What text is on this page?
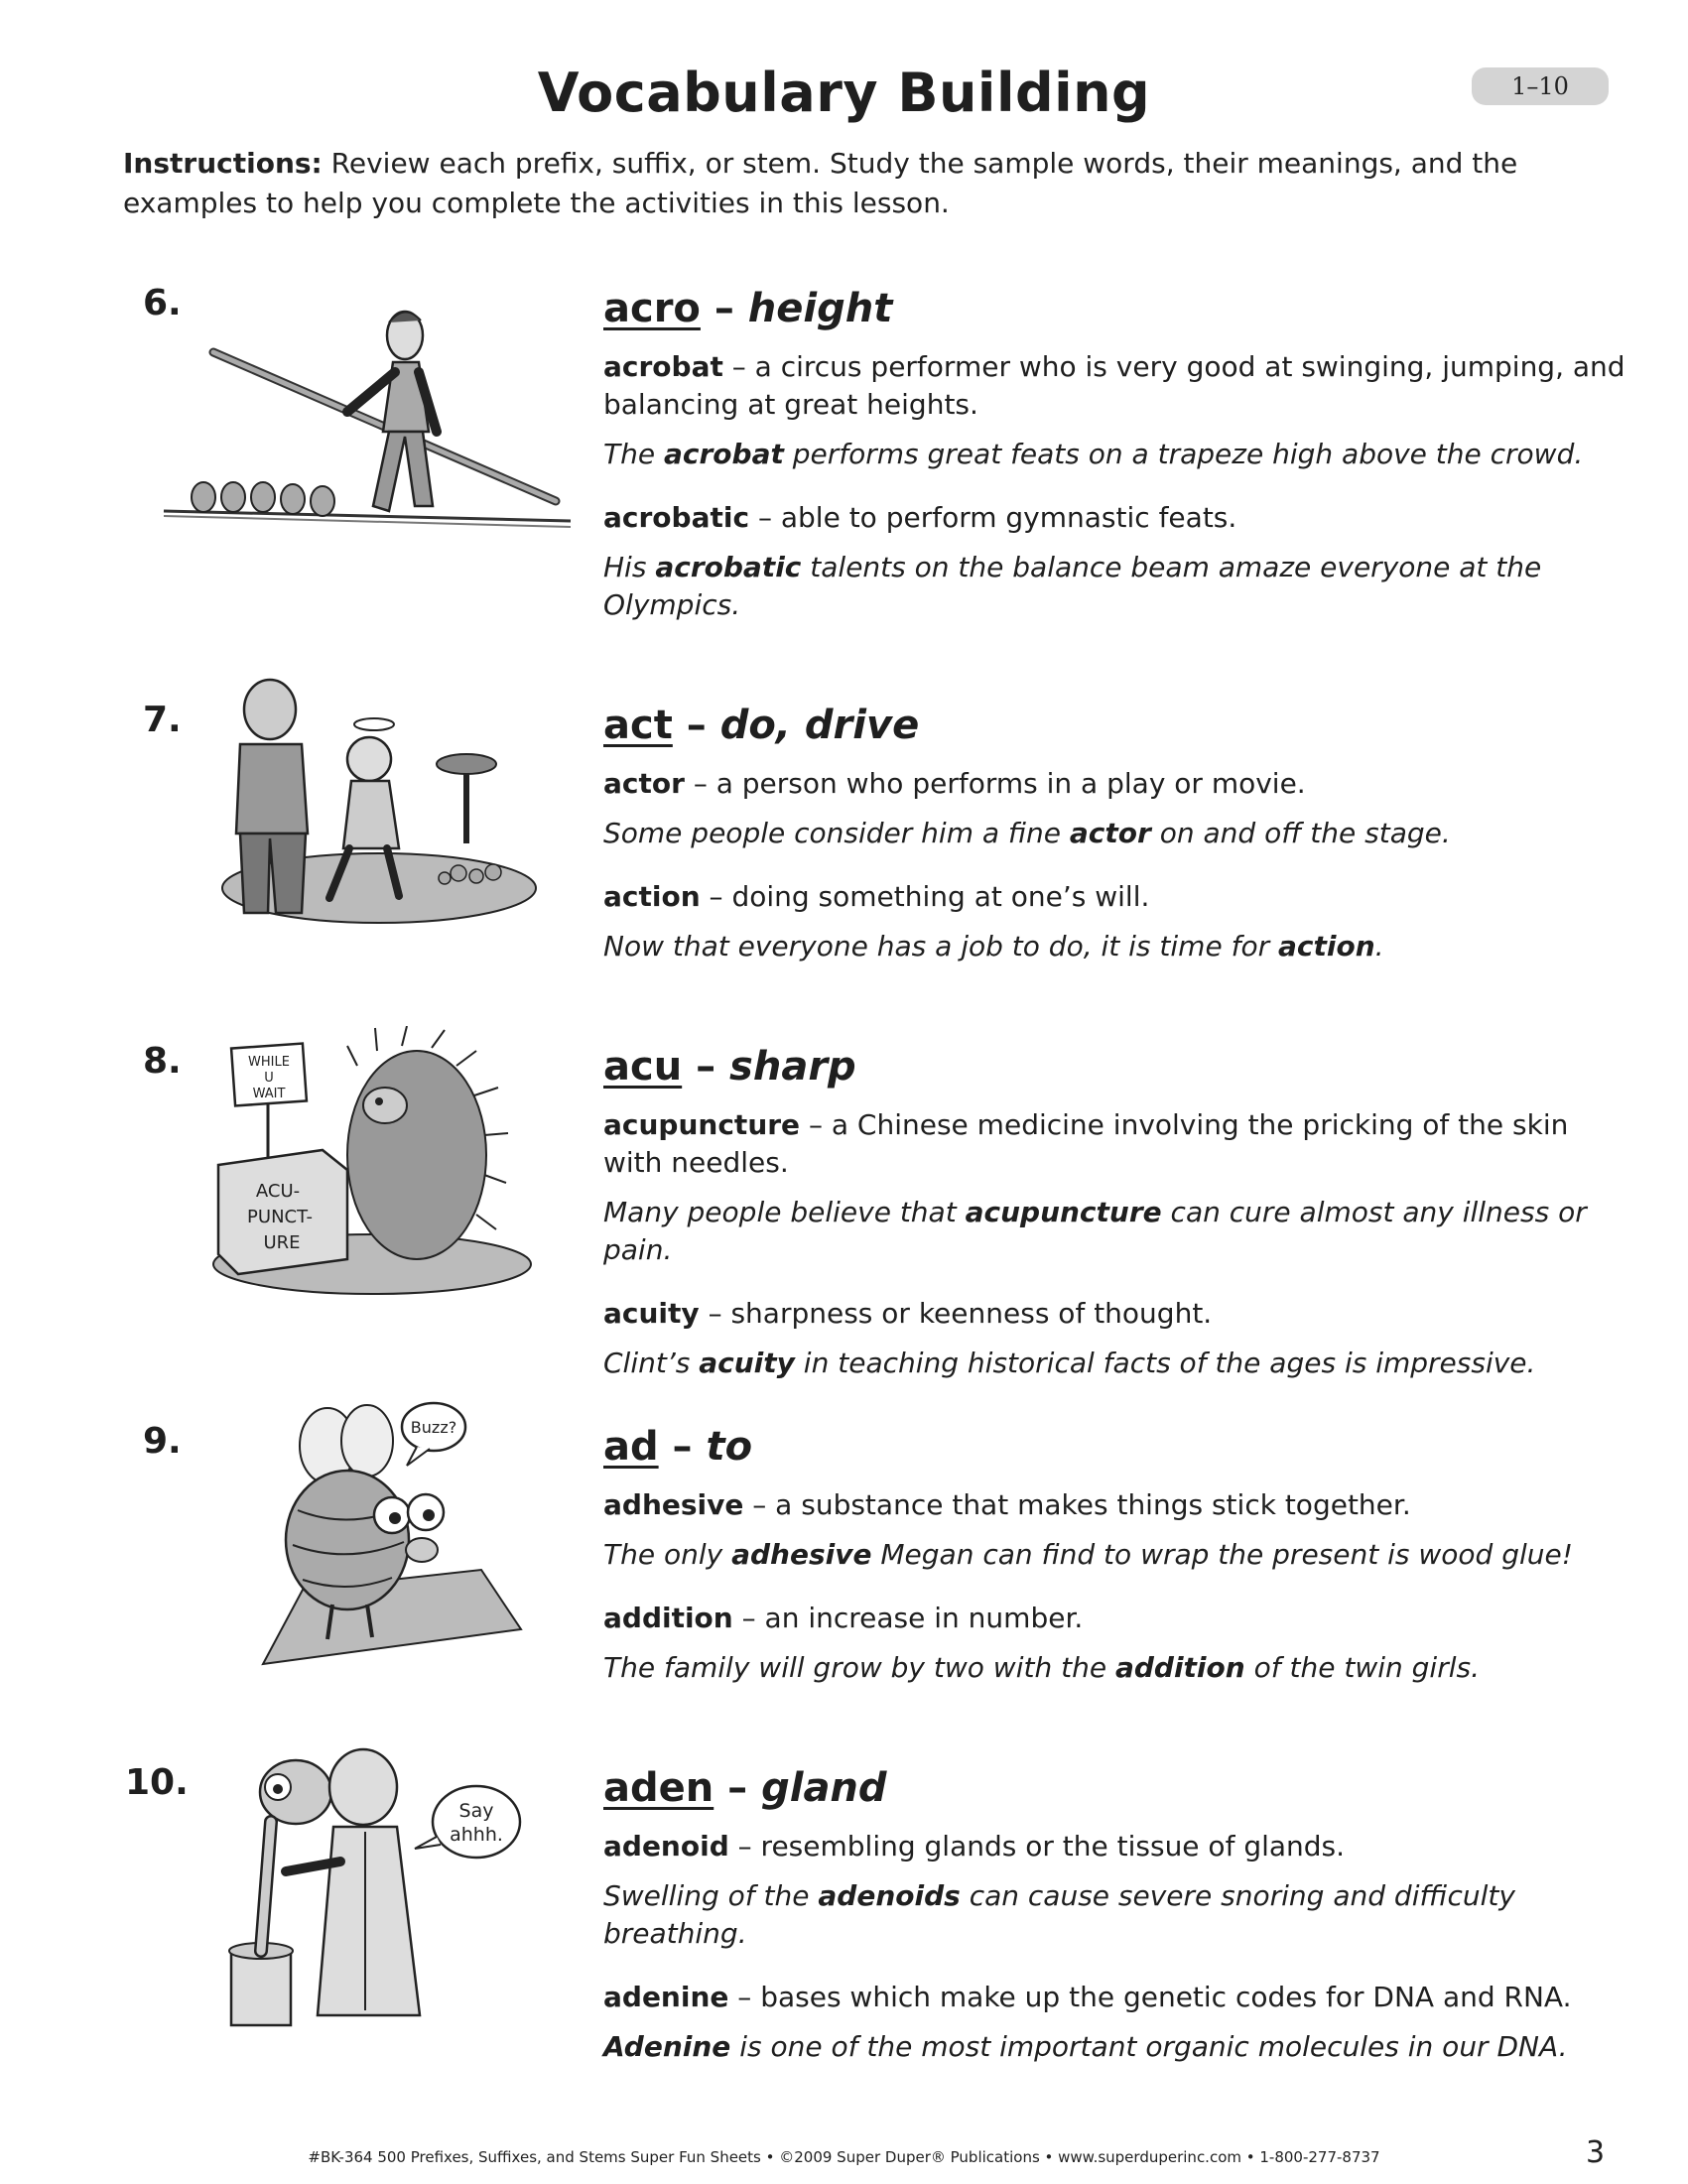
Vocabulary Building	1–10
Instructions: Review each prefix, suffix, or stem. Study the sample words, their meanings, and the examples to help you complete the activities in this lesson.
6.	acro – height

acrobat – a circus performer who is very good at swinging, jumping, and balancing at great heights.

The acrobat performs great feats on a trapeze high above the crowd.

acrobatic – able to perform gymnastic feats.

His acrobatic talents on the balance beam amaze everyone at the Olympics.

7.	act – do, drive

actor – a person who performs in a play or movie.

Some people consider him a fine actor on and off the stage.

action – doing something at one’s will.

Now that everyone has a job to do, it is time for action.

8.	WHILE
U
WAIT
ACU-
PUNCT-
URE
acu – sharp

acupuncture – a Chinese medicine involving the pricking of the skin with needles.

Many people believe that acupuncture can cure almost any illness or pain.

acuity – sharpness or keenness of thought.

Clint’s acuity in teaching historical facts of the ages is impressive.

9.	Buzz?	ad – to

adhesive – a substance that makes things stick together.

The only adhesive Megan can find to wrap the present is wood glue!

addition – an increase in number.

The family will grow by two with the addition of the twin girls.

10.
Say
ahhh.
aden – gland

adenoid – resembling glands or the tissue of glands.

Swelling of the adenoids can cause severe snoring and difficulty breathing.

adenine – bases which make up the genetic codes for DNA and RNA.

Adenine is one of the most important organic molecules in our DNA.

#BK-364 500 Prefixes, Suffixes, and Stems Super Fun Sheets • ©2009 Super Duper® Publications • www.superduperinc.com • 1-800-277-8737	3
